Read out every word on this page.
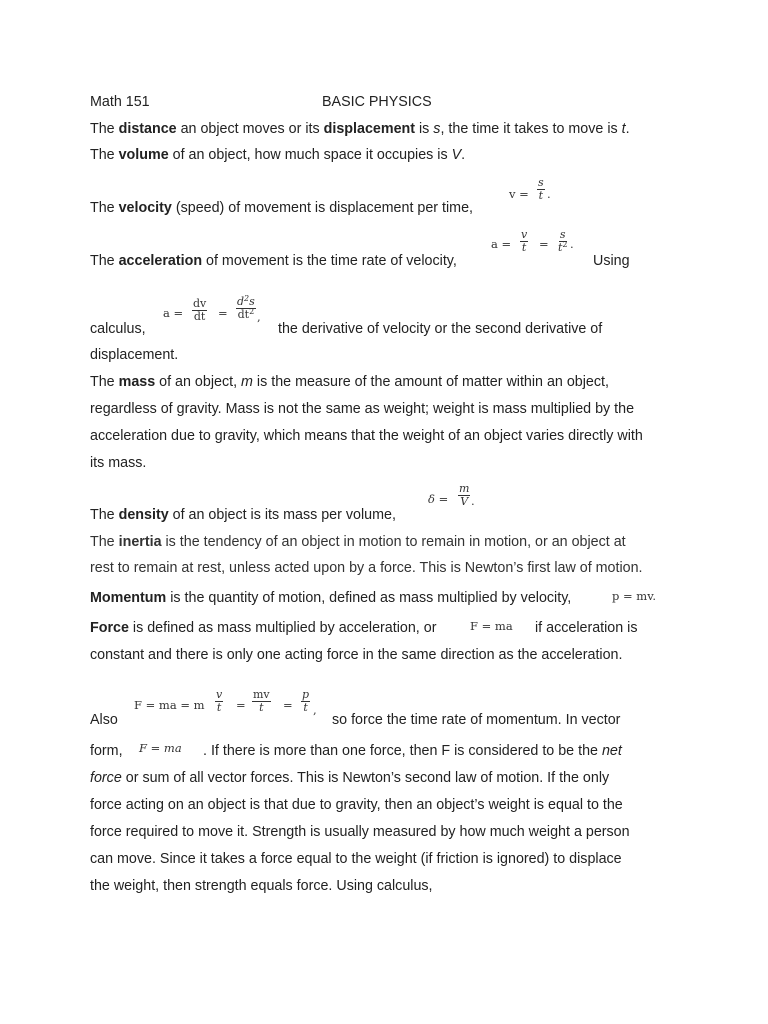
Math 151	BASIC PHYSICS
The distance an object moves or its displacement is s, the time it takes to move is t.
The volume of an object, how much space it occupies is V.
$v = \frac{s}{t}$ .
The velocity (speed) of movement is displacement per time,
$a = \frac{v}{t} = \frac{s}{t^2}$ .
The acceleration of movement is the time rate of velocity,	Using
$a = \frac{dv}{dt} = \frac{d^2s}{dt^2}$ ,
calculus,	the derivative of velocity or the second derivative of
displacement.
The mass of an object, m is the measure of the amount of matter within an object,
regardless of gravity. Mass is not the same as weight; weight is mass multiplied by the
acceleration due to gravity, which means that the weight of an object varies directly with
its mass.
$\delta = \frac{m}{V}$ .
The density of an object is its mass per volume,
The inertia is the tendency of an object in motion to remain in motion, or an object at
rest to remain at rest, unless acted upon by a force. This is Newton’s first law of motion.
Momentum is the quantity of motion, defined as mass multiplied by velocity,	p = mv.
Force is defined as mass multiplied by acceleration, or	F = ma if acceleration is
constant and there is only one acting force in the same direction as the acceleration.
F = ma = m $\frac{v}{t} = \frac{mv}{t} = \frac{p}{t}$ ,
Also	so force the time rate of momentum. In vector
form, F = ma . If there is more than one force, then F is considered to be the net
force or sum of all vector forces. This is Newton’s second law of motion. If the only
force acting on an object is that due to gravity, then an object’s weight is equal to the
force required to move it. Strength is usually measured by how much weight a person
can move. Since it takes a force equal to the weight (if friction is ignored) to displace
the weight, then strength equals force. Using calculus,
